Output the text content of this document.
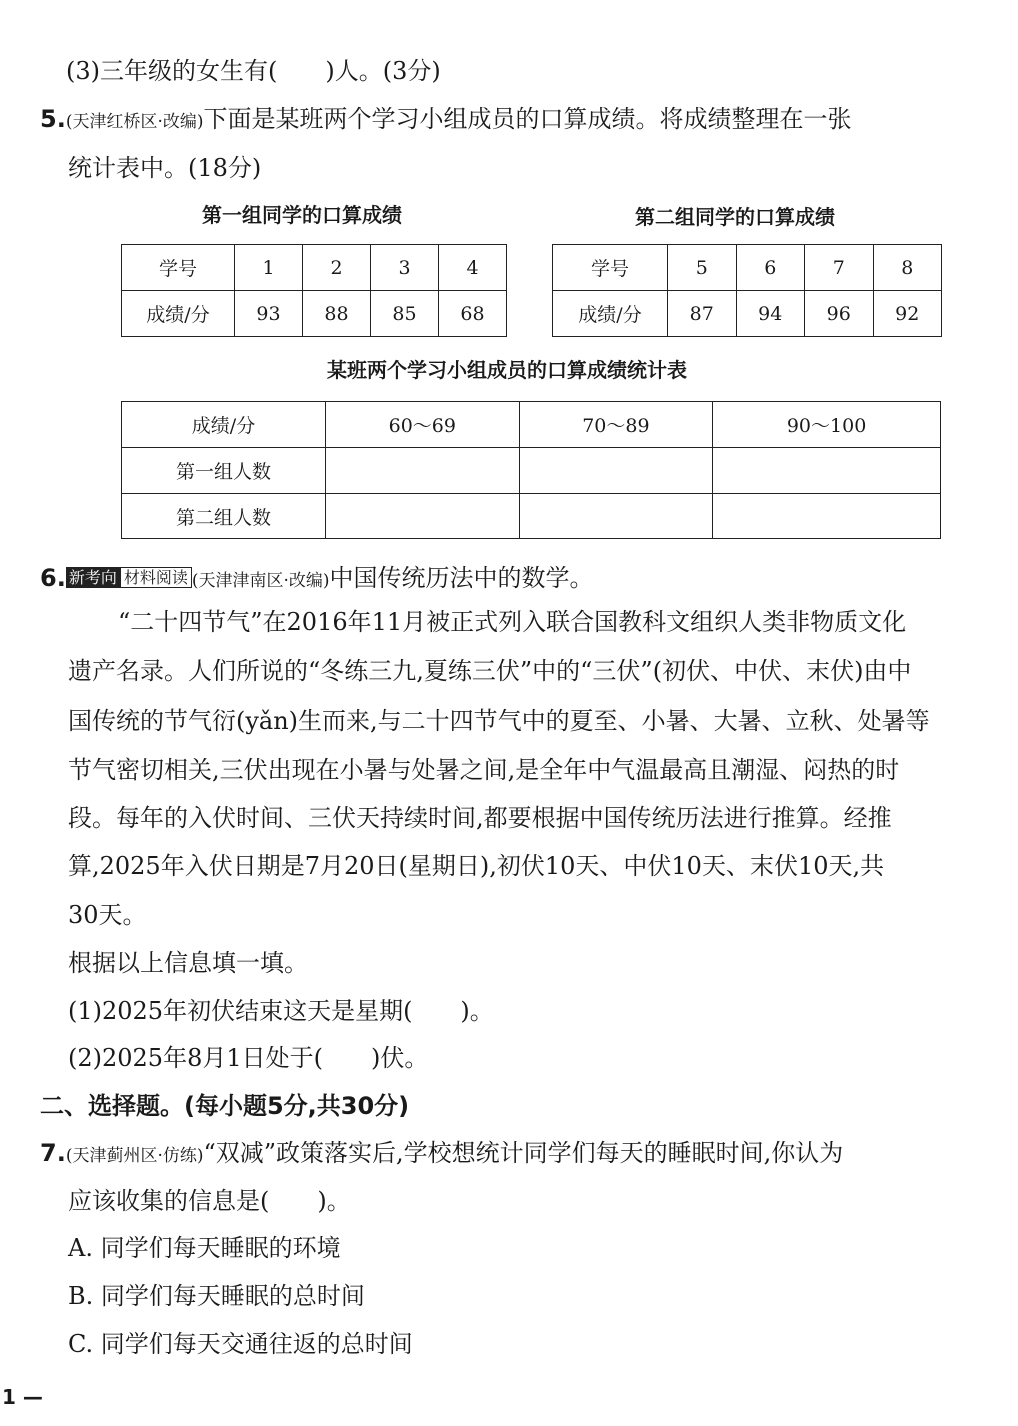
(3)三年级的女生有(　　)人。(3分)
5.(天津红桥区·改编)下面是某班两个学习小组成员的口算成绩。将成绩整理在一张
统计表中。(18分)
第一组同学的口算成绩	第二组同学的口算成绩
学号	1	2	3	4
成绩/分	93	88	85	68
学号	5	6	7	8
成绩/分	87	94	96	92
某班两个学习小组成员的口算成绩统计表
成绩/分	60～69	70～89	90～100
第一组人数			
第二组人数			
6. 新考向 材料阅读 (天津津南区·改编)中国传统历法中的数学。
“二十四节气”在2016年11月被正式列入联合国教科文组织人类非物质文化
遗产名录。人们所说的“冬练三九,夏练三伏”中的“三伏”(初伏、中伏、末伏)由中
国传统的节气衍(yǎn)生而来,与二十四节气中的夏至、小暑、大暑、立秋、处暑等
节气密切相关,三伏出现在小暑与处暑之间,是全年中气温最高且潮湿、闷热的时
段。每年的入伏时间、三伏天持续时间,都要根据中国传统历法进行推算。经推
算,2025年入伏日期是7月20日(星期日),初伏10天、中伏10天、末伏10天,共
30天。
根据以上信息填一填。
(1)2025年初伏结束这天是星期(　　)。
(2)2025年8月1日处于(　　)伏。
二、选择题。(每小题5分,共30分)
7.(天津蓟州区·仿练)“双减”政策落实后,学校想统计同学们每天的睡眠时间,你认为
应该收集的信息是(　　)。
A. 同学们每天睡眠的环境
B. 同学们每天睡眠的总时间
C. 同学们每天交通往返的总时间
1 —
